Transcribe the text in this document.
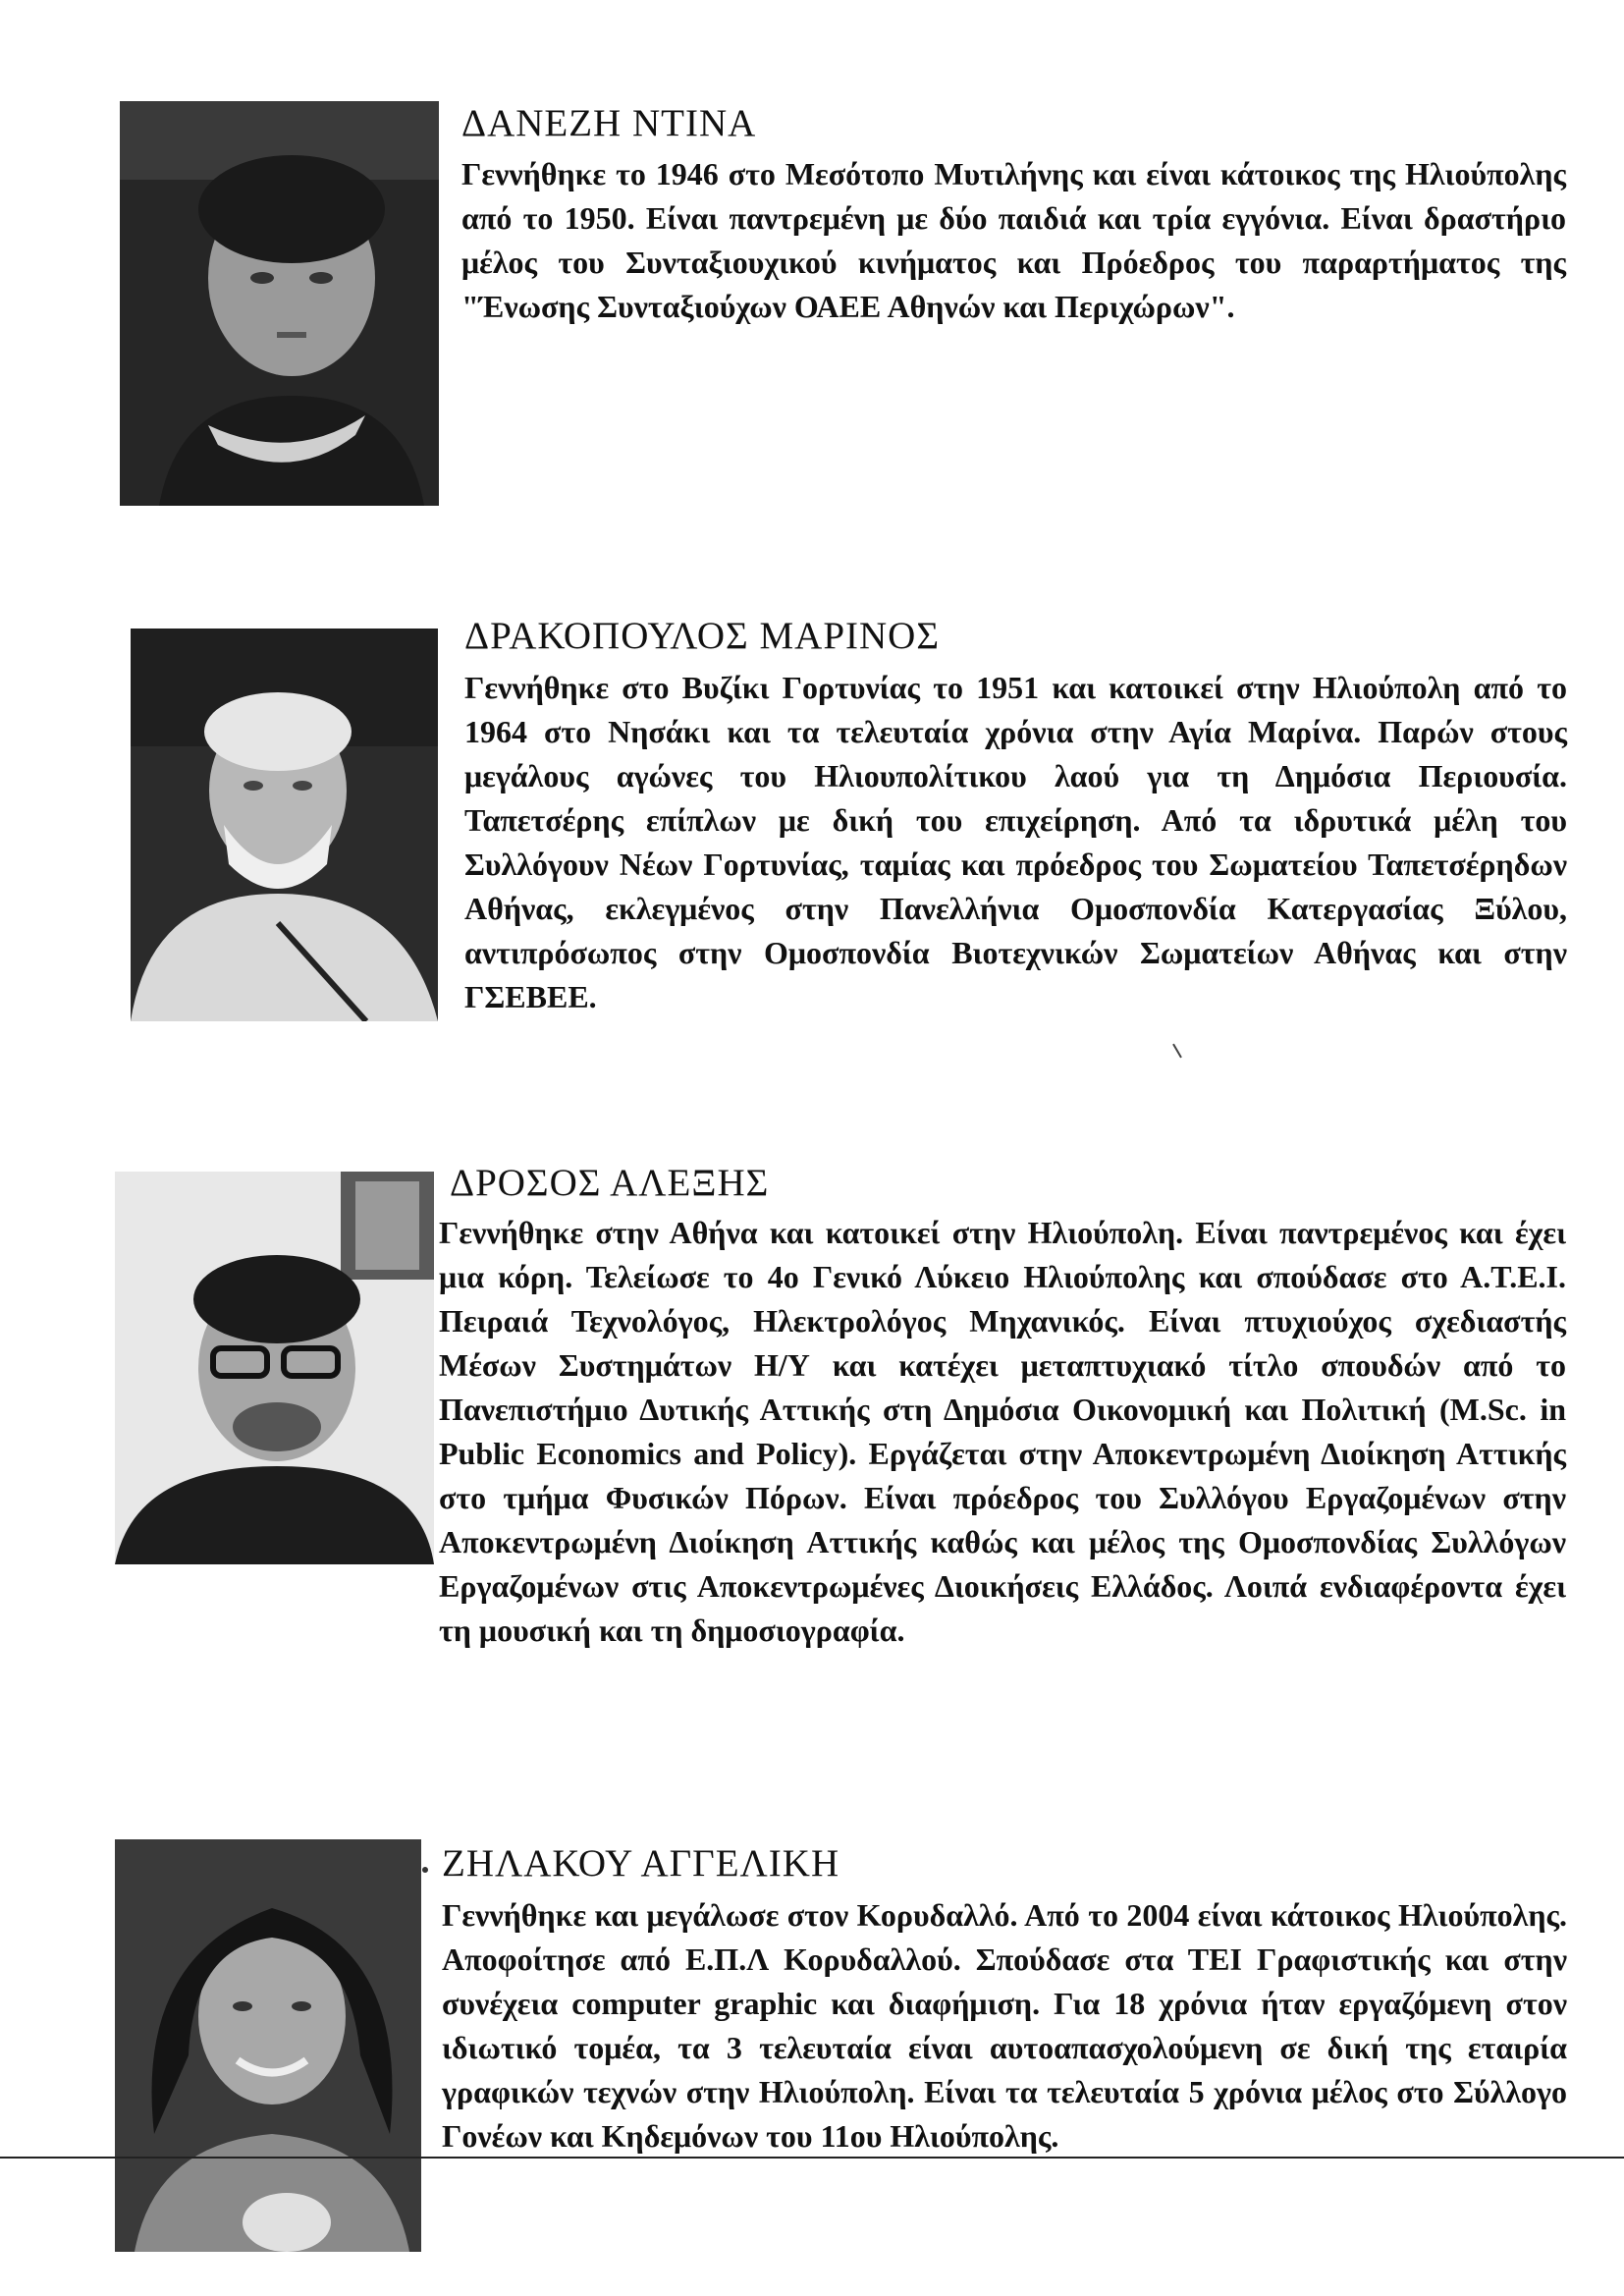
ΔΑΝΕΖΗ ΝΤΙΝΑ

Γεννήθηκε το 1946 στο Μεσότοπο Μυτιλήνης και είναι κάτοικος της Ηλιούπολης από το 1950. Είναι παντρεμένη με δύο παιδιά και τρία εγγόνια. Είναι δραστήριο μέλος του Συνταξιουχικού κινήματος και Πρόεδρος του παραρτήματος της "Ένωσης Συνταξιούχων ΟΑΕΕ Αθηνών και Περιχώρων".

ΔΡΑΚΟΠΟΥΛΟΣ ΜΑΡΙΝΟΣ

Γεννήθηκε στο Βυζίκι Γορτυνίας το 1951 και κατοικεί στην Ηλιούπολη από το 1964 στο Νησάκι και τα τελευταία χρόνια στην Αγία Μαρίνα. Παρών στους μεγάλους αγώνες του Ηλιουπολίτικου λαού για τη Δημόσια Περιουσία. Ταπετσέρης επίπλων με δική του επιχείρηση. Από τα ιδρυτικά μέλη του Συλλόγουν Νέων Γορτυνίας, ταμίας και πρόεδρος του Σωματείου Ταπετσέρηδων Αθήνας, εκλεγμένος στην Πανελλήνια Ομοσπονδία Κατεργασίας Ξύλου, αντιπρόσωπος στην Ομοσπονδία Βιοτεχνικών Σωματείων Αθήνας και στην ΓΣΕΒΕΕ.

ΔΡΟΣΟΣ ΑΛΕΞΗΣ
Γεννήθηκε στην Αθήνα και κατοικεί στην Ηλιούπολη. Είναι παντρεμένος και έχει μια κόρη. Τελείωσε το 4ο Γενικό Λύκειο Ηλιούπολης και σπούδασε στο Α.Τ.Ε.Ι. Πειραιά Τεχνολόγος, Ηλεκτρολόγος Μηχανικός. Είναι πτυχιούχος σχεδιαστής Μέσων Συστημάτων Η/Υ και κατέχει μεταπτυχιακό τίτλο σπουδών από το Πανεπιστήμιο Δυτικής Αττικής στη Δημόσια Οικονομική και Πολιτική (M.Sc. in Public Economics and Policy). Εργάζεται στην Αποκεντρωμένη Διοίκηση Αττικής στο τμήμα Φυσικών Πόρων. Είναι πρόεδρος του Συλλόγου Εργαζομένων στην Αποκεντρωμένη Διοίκηση Αττικής καθώς και μέλος της Ομοσπονδίας Συλλόγων Εργαζομένων στις Αποκεντρωμένες Διοικήσεις Ελλάδος. Λοιπά ενδιαφέροντα έχει τη μουσική και τη δημοσιογραφία.
ΖΗΛΑΚΟΥ ΑΓΓΕΛΙΚΗ

Γεννήθηκε και μεγάλωσε στον Κορυδαλλό. Από το 2004 είναι κάτοικος Ηλιούπολης. Αποφοίτησε από Ε.Π.Λ Κορυδαλλού. Σπούδασε στα ΤΕΙ Γραφιστικής και στην συνέχεια computer graphic και διαφήμιση. Για 18 χρόνια ήταν εργαζόμενη στον ιδιωτικό τομέα, τα 3 τελευταία είναι αυτοαπασχολούμενη σε δική της εταιρία γραφικών τεχνών στην Ηλιούπολη. Είναι τα τελευταία 5 χρόνια μέλος στο Σύλλογο Γονέων και Κηδεμόνων του 11ου Ηλιούπολης.
